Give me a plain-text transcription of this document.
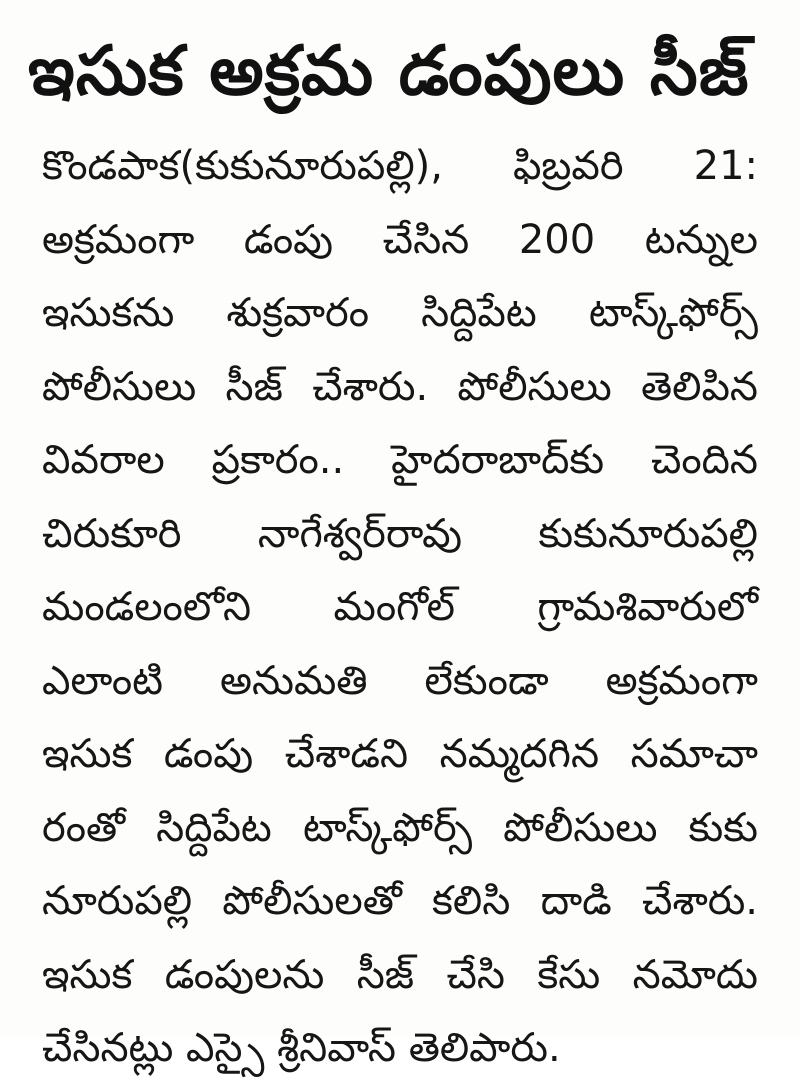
ఇసుక అక్రమ డంపులు సీజ్
కొండపాక(కుకునూరుపల్లి), ఫిబ్రవరి 21:
అక్రమంగా డంపు చేసిన 200 టన్నుల
ఇసుకను శుక్రవారం సిద్దిపేట టాస్క్‌ఫోర్స్
పోలీసులు సీజ్ చేశారు. పోలీసులు తెలిపిన
వివరాల ప్రకారం.. హైదరాబాద్‌కు చెందిన
చిరుకూరి నాగేశ్వర్‌రావు కుకునూరుపల్లి
మండలంలోని మంగోల్ గ్రామశివారులో
ఎలాంటి అనుమతి లేకుండా అక్రమంగా
ఇసుక డంపు చేశాడని నమ్మదగిన సమాచా
రంతో సిద్దిపేట టాస్క్‌ఫోర్స్ పోలీసులు కుకు
నూరుపల్లి పోలీసులతో కలిసి దాడి చేశారు.
ఇసుక డంపులను సీజ్ చేసి కేసు నమోదు
చేసినట్లు ఎస్సై శ్రీనివాస్ తెలిపారు.
